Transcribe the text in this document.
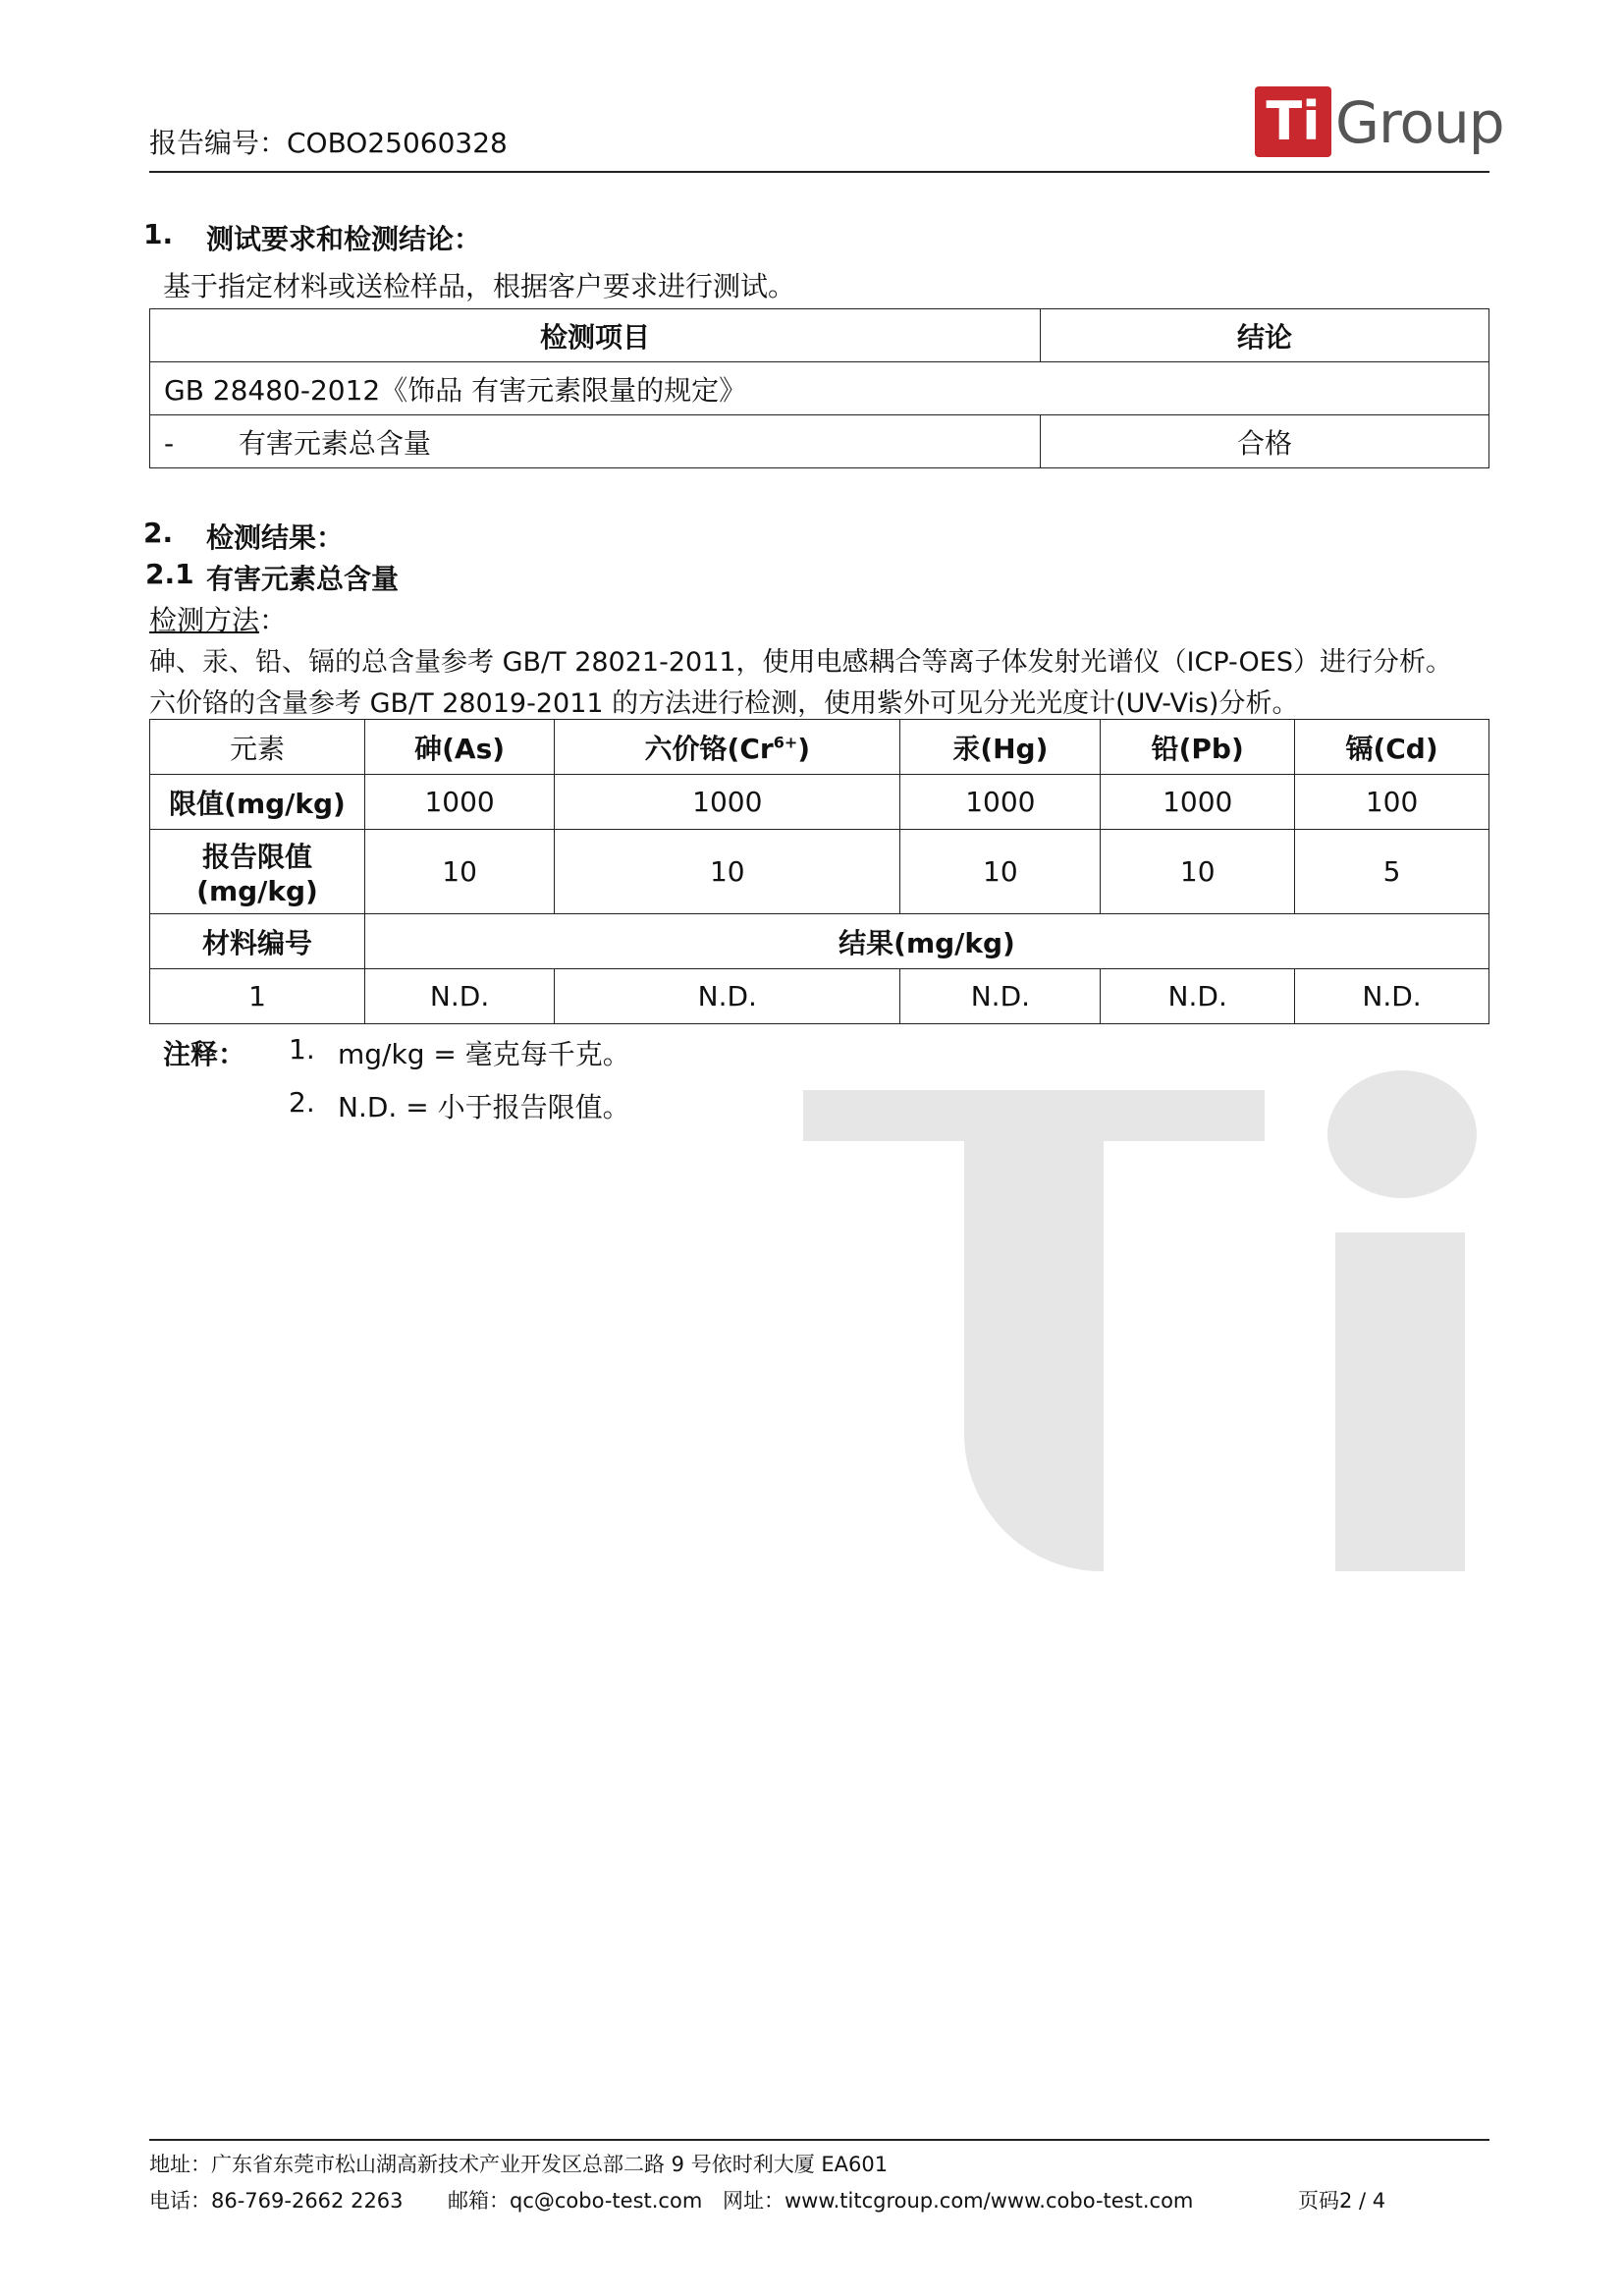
报告编号：COBO25060328	Ti Group
1. 测试要求和检测结论：
基于指定材料或送检样品，根据客户要求进行测试。
检测项目	结论
GB 28480-2012《饰品 有害元素限量的规定》	
- 有害元素总含量	合格
2. 检测结果：
2.1 有害元素总含量
检测方法：
砷、汞、铅、镉的总含量参考 GB/T 28021-2011，使用电感耦合等离子体发射光谱仪（ICP-OES）进行分析。
六价铬的含量参考 GB/T 28019-2011 的方法进行检测，使用紫外可见分光光度计(UV-Vis)分析。
元素	砷(As)	六价铬$(Cr^{6+})$	汞(Hg)	铅(Pb)	镉(Cd)
限值(mg/kg)	1000	1000	1000	1000	100

报告限值
(mg/kg)	10	10	10	10	5
材料编号	结果(mg/kg)				
1	N.D.	N.D.	N.D.	N.D.	N.D.
注释： 1. mg/kg = 毫克每千克。
2. N.D. = 小于报告限值。
地址：广东省东莞市松山湖高新技术产业开发区总部二路 9 号依时利大厦 EA601
电话：86-769-2662 2263 邮箱：qc@cobo-test.com 网址：www.titcgroup.com/www.cobo-test.com	页码2 / 4
